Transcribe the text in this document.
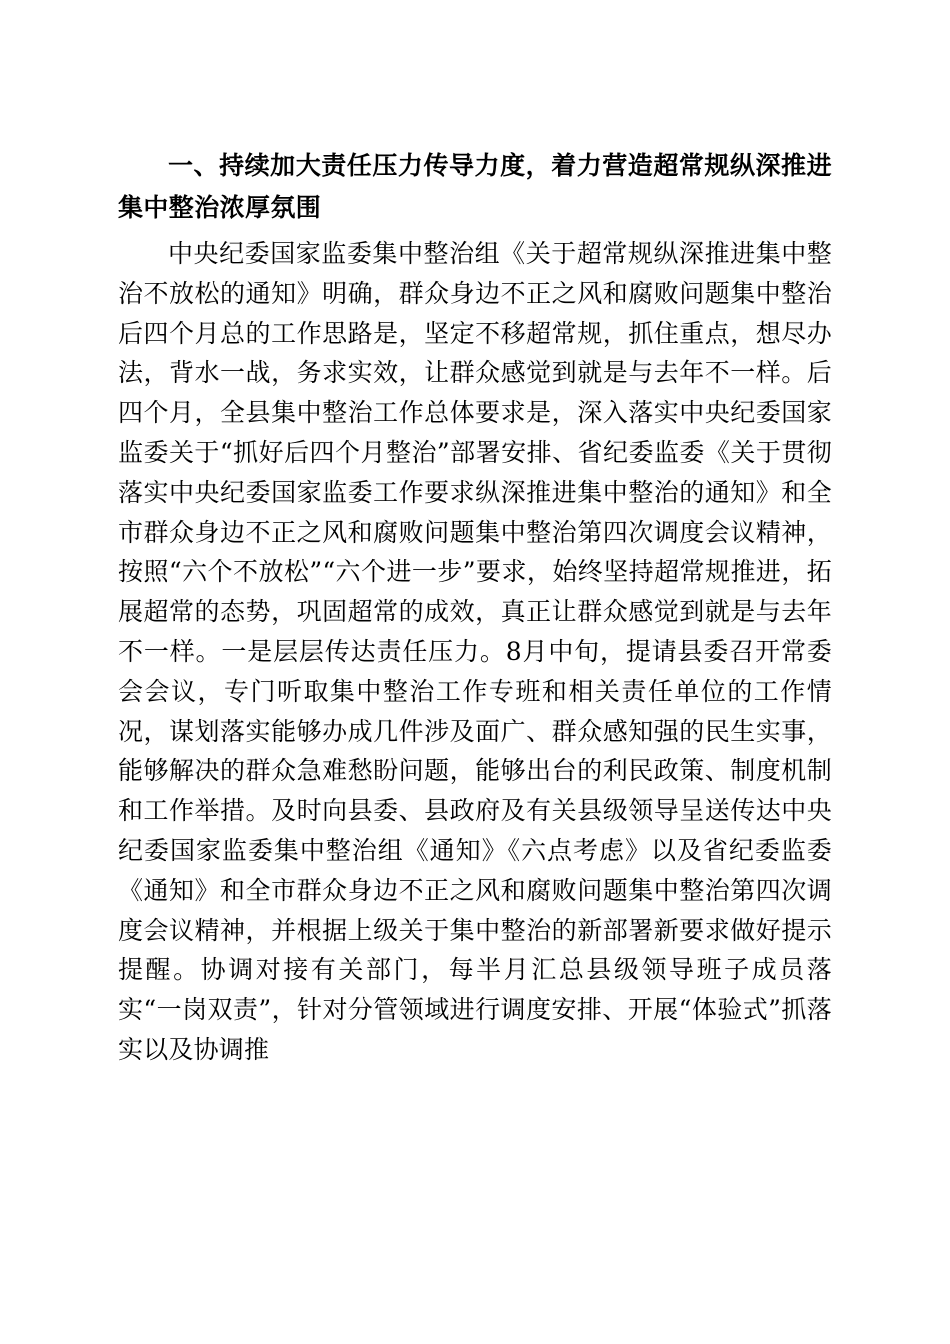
一、持续加大责任压力传导力度，着力营造超常规纵深推进集中整治浓厚氛围

中央纪委国家监委集中整治组《关于超常规纵深推进集中整治不放松的通知》明确，群众身边不正之风和腐败问题集中整治后四个月总的工作思路是，坚定不移超常规，抓住重点，想尽办法，背水一战，务求实效，让群众感觉到就是与去年不一样。后四个月，全县集中整治工作总体要求是，深入落实中央纪委国家监委关于“抓好后四个月整治”部署安排、省纪委监委《关于贯彻落实中央纪委国家监委工作要求纵深推进集中整治的通知》和全市群众身边不正之风和腐败问题集中整治第四次调度会议精神，按照“六个不放松”“六个进一步”要求，始终坚持超常规推进，拓展超常的态势，巩固超常的成效，真正让群众感觉到就是与去年不一样。一是层层传达责任压力。8月中旬，提请县委召开常委会会议，专门听取集中整治工作专班和相关责任单位的工作情况，谋划落实能够办成几件涉及面广、群众感知强的民生实事，能够解决的群众急难愁盼问题，能够出台的利民政策、制度机制和工作举措。及时向县委、县政府及有关县级领导呈送传达中央纪委国家监委集中整治组《通知》《六点考虑》以及省纪委监委《通知》和全市群众身边不正之风和腐败问题集中整治第四次调度会议精神，并根据上级关于集中整治的新部署新要求做好提示提醒。协调对接有关部门，每半月汇总县级领导班子成员落实“一岗双责”，针对分管领域进行调度安排、开展“体验式”抓落实以及协调推
